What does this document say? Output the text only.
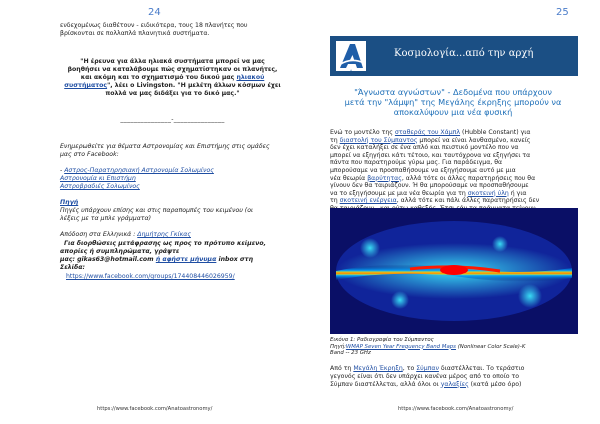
24
ενδεχομένως διαθέτουν - ειδικότερα, τους 18 πλανήτες που
βρίσκονται σε πολλαπλά πλανητικά συστήματα.
"Η έρευνα για άλλα ηλιακά συστήματα μπορεί να μας
βοηθήσει να καταλάβουμε πώς σχηματίστηκαν οι πλανήτες,
και ακόμη και το σχηματισμό του δικού μας ηλιακού
συστήματος", λέει ο Livingston. "Η μελέτη άλλων κόσμων έχει
πολλά να μας διδάξει για το δικό μας."
_______________-_______________
Ενημερωθείτε για θέματα Αστρονομίας και Επιστήμης στις ομάδες
μας στο Facebook:
- Αστρος-Παρατηρησιακή Αστρονομία Σολωμίνος
Αστρονομία κι Επιστήμη
Αστροβραδιές Σολωμίνος
Πηγή
Πηγές υπάρχουν επίσης και στις παραπομπές του κειμένου (οι
λέξεις με τα μπλε γράμματα)
Απόδοση στα Ελληνικά : Δημήτρης Γκίκας
Για διορθώσεις μετάφρασης ως προς το πρότυπο κείμενο,
απορίες ή συμπληρώματα, γράψτε
μας: gikas63@hotmail.com ή αφήστε μήνυμα inbox στη
Σελίδα:
https://www.facebook.com/groups/174408446026959/
https://www.facebook.com/Anatoastronomy/
25
A
Κοσμολογία...από την αρχή
"Άγνωστα αγνώστων" - Δεδομένα που υπάρχουν
μετά την "λάμψη" της Μεγάλης έκρηξης μπορούν να
αποκαλύψουν μια νέα φυσική
Ενώ το μοντέλο της σταθεράς του Χάμπλ (Hubble Constant) για
τη διαστολή του Σύμπαντος μπορεί να είναι λανθασμένο, κανείς
δεν έχει καταλήξει σε ένα απλό και πειστικό μοντέλο που να
μπορεί να εξηγήσει κάτι τέτοιο, και ταυτόχρονα να εξηγήσει τα
πάντα που παρατηρούμε γύρω μας. Για παράδειγμα, θα
μπορούσαμε να προσπαθήσουμε να εξηγήσουμε αυτό με μια
νέα θεωρία βαρύτητας, αλλά τότε οι άλλες παρατηρήσεις που θα
γίνουν δεν θα ταιριάζουν. Ή θα μπορούσαμε να προσπαθήσουμε
να το εξηγήσουμε με μια νέα θεωρία για τη σκοτεινή ύλη ή για
τη σκοτεινή ενέργεια, αλλά τότε και πάλι άλλες παρατηρήσεις δεν
Εικόνα 1: Ραδιογραφία του Σύμπαντος
Πηγή:WMAP Seven Year Frequency Band Maps (Nonlinear Color Scale)-K
Band -- 23 GHz
Από τη Μεγάλη Έκρηξη, το Σύμπαν διαστέλλεται. Το τεράστιο
γεγονός είναι ότι δεν υπάρχει κανένα μέρος από το οποίο το
Σύμπαν διαστέλλεται, αλλά όλοι οι γαλαξίες (κατά μέσο όρο)
https://www.facebook.com/Anatoastronomy/
